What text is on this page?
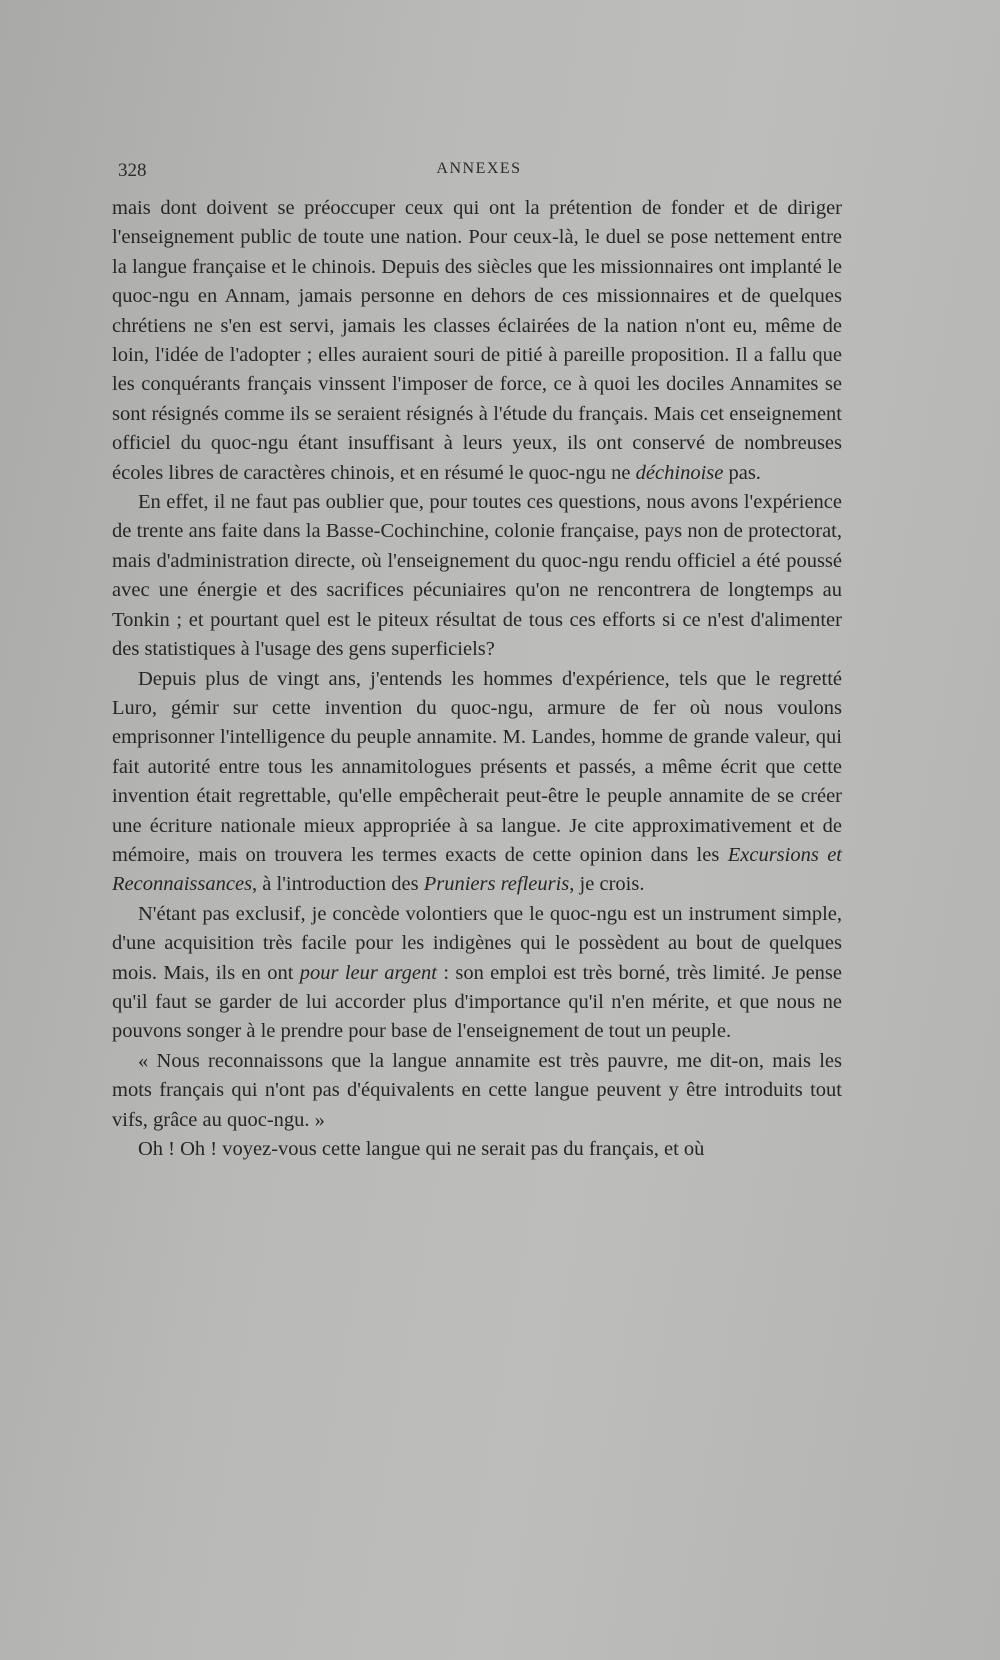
328	ANNEXES

mais dont doivent se préoccuper ceux qui ont la prétention de fonder et de diriger l'enseignement public de toute une nation. Pour ceux-là, le duel se pose nettement entre la langue française et le chinois. Depuis des siècles que les missionnaires ont implanté le quoc-ngu en Annam, jamais personne en dehors de ces missionnaires et de quelques chrétiens ne s'en est servi, jamais les classes éclairées de la nation n'ont eu, même de loin, l'idée de l'adopter ; elles auraient souri de pitié à pareille proposition. Il a fallu que les conquérants français vinssent l'imposer de force, ce à quoi les dociles Annamites se sont résignés comme ils se seraient résignés à l'étude du français. Mais cet enseignement officiel du quoc-ngu étant insuffisant à leurs yeux, ils ont conservé de nombreuses écoles libres de caractères chinois, et en résumé le quoc-ngu ne déchinoise pas.

En effet, il ne faut pas oublier que, pour toutes ces questions, nous avons l'expérience de trente ans faite dans la Basse-Cochinchine, colonie française, pays non de protectorat, mais d'administration directe, où l'enseignement du quoc-ngu rendu officiel a été poussé avec une énergie et des sacrifices pécuniaires qu'on ne rencontrera de longtemps au Tonkin ; et pourtant quel est le piteux résultat de tous ces efforts si ce n'est d'alimenter des statistiques à l'usage des gens superficiels?

Depuis plus de vingt ans, j'entends les hommes d'expérience, tels que le regretté Luro, gémir sur cette invention du quoc-ngu, armure de fer où nous voulons emprisonner l'intelligence du peuple annamite. M. Landes, homme de grande valeur, qui fait autorité entre tous les annamitologues présents et passés, a même écrit que cette invention était regrettable, qu'elle empêcherait peut-être le peuple annamite de se créer une écriture nationale mieux appropriée à sa langue. Je cite approximativement et de mémoire, mais on trouvera les termes exacts de cette opinion dans les Excursions et Reconnaissances, à l'introduction des Pruniers refleuris, je crois.

N'étant pas exclusif, je concède volontiers que le quoc-ngu est un instrument simple, d'une acquisition très facile pour les indigènes qui le possèdent au bout de quelques mois. Mais, ils en ont pour leur argent : son emploi est très borné, très limité. Je pense qu'il faut se garder de lui accorder plus d'importance qu'il n'en mérite, et que nous ne pouvons songer à le prendre pour base de l'enseignement de tout un peuple.

« Nous reconnaissons que la langue annamite est très pauvre, me dit-on, mais les mots français qui n'ont pas d'équivalents en cette langue peuvent y être introduits tout vifs, grâce au quoc-ngu. »

Oh ! Oh ! voyez-vous cette langue qui ne serait pas du français, et où
